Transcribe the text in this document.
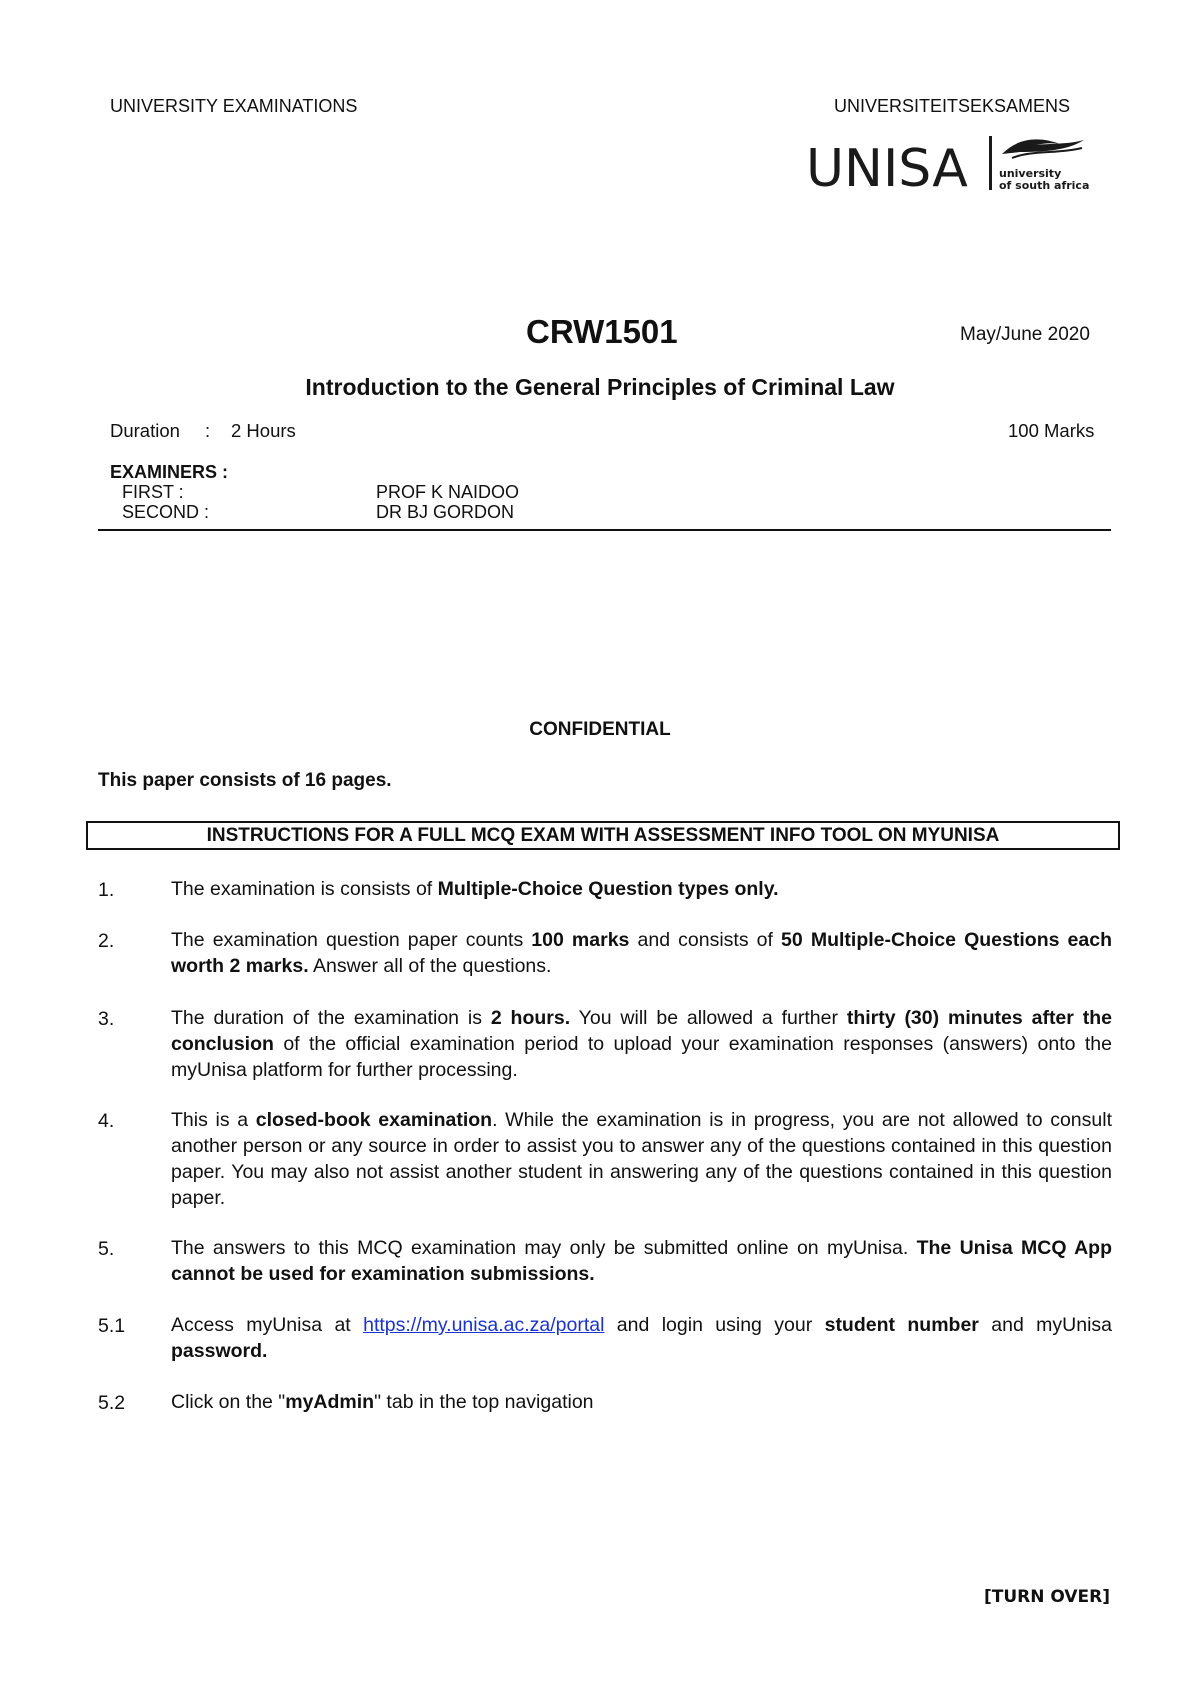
UNIVERSITY EXAMINATIONS	UNIVERSITEITSEKSAMENS
UNISA	university
of south africa
CRW1501	May/June 2020
Introduction to the General Principles of Criminal Law
Duration : 2 Hours	100 Marks
EXAMINERS :
FIRST :	PROF K NAIDOO
SECOND :	DR BJ GORDON
CONFIDENTIAL
This paper consists of 16 pages.
INSTRUCTIONS FOR A FULL MCQ EXAM WITH ASSESSMENT INFO TOOL ON MYUNISA
1.	The examination is consists of Multiple-Choice Question types only.
2.	The examination question paper counts 100 marks and consists of 50 Multiple-Choice Questions each worth 2 marks. Answer all of the questions.
3.	The duration of the examination is 2 hours. You will be allowed a further thirty (30) minutes after the conclusion of the official examination period to upload your examination responses (answers) onto the myUnisa platform for further processing.
4.	This is a closed-book examination. While the examination is in progress, you are not allowed to consult another person or any source in order to assist you to answer any of the questions contained in this question paper. You may also not assist another student in answering any of the questions contained in this question paper.
5.	The answers to this MCQ examination may only be submitted online on myUnisa. The Unisa MCQ App cannot be used for examination submissions.
5.1 Access myUnisa at https://my.unisa.ac.za/portal and login using your student number and myUnisa password.
5.2 Click on the "myAdmin" tab in the top navigation
[TURN OVER]
